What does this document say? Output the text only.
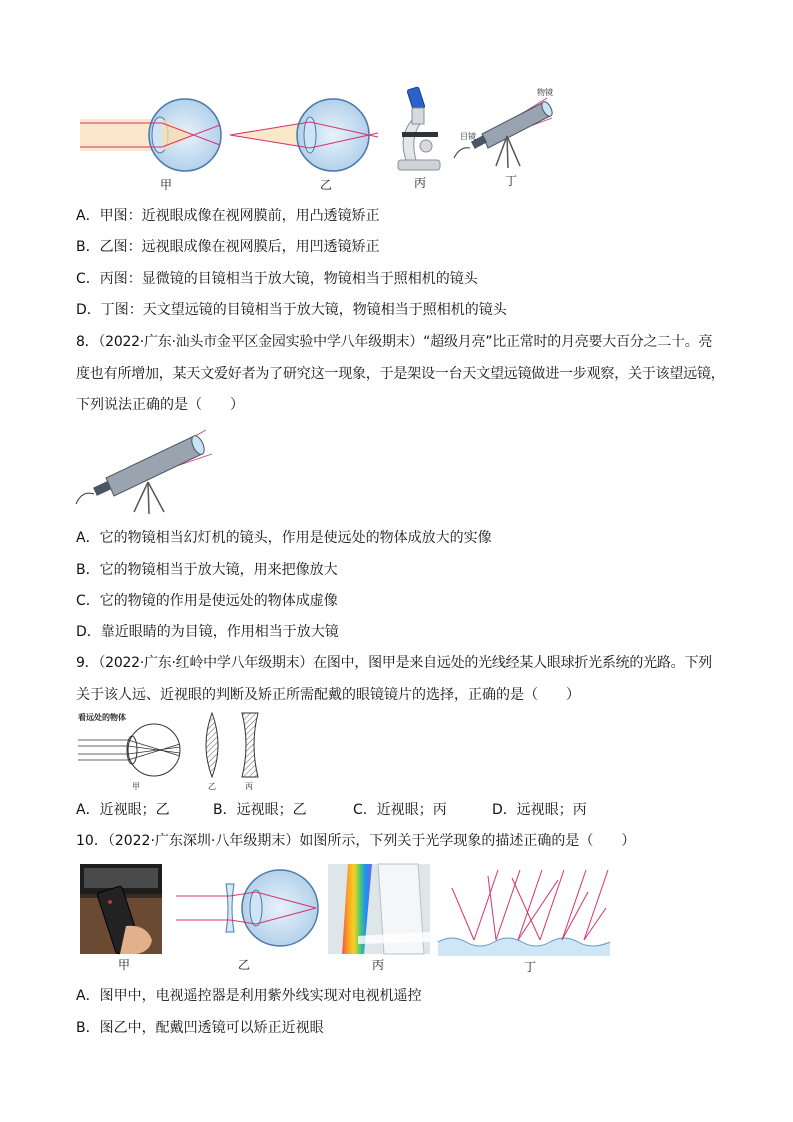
甲	乙	丙
物镜
目镜
丁
A．甲图：近视眼成像在视网膜前，用凸透镜矫正
B．乙图：远视眼成像在视网膜后，用凹透镜矫正
C．丙图：显微镜的目镜相当于放大镜，物镜相当于照相机的镜头
D．丁图：天文望远镜的目镜相当于放大镜，物镜相当于照相机的镜头
8．（2022·广东·汕头市金平区金园实验中学八年级期末）“超级月亮”比正常时的月亮要大百分之二十。亮
度也有所增加，某天文爱好者为了研究这一现象，于是架设一台天文望远镜做进一步观察，关于该望远镜，
下列说法正确的是（　　）
A．它的物镜相当幻灯机的镜头，作用是使远处的物体成放大的实像
B．它的物镜相当于放大镜，用来把像放大
C．它的物镜的作用是使远处的物体成虚像
D．靠近眼睛的为目镜，作用相当于放大镜
9．（2022·广东·红岭中学八年级期末）在图中，图甲是来自远处的光线经某人眼球折光系统的光路。下列
关于该人远、近视眼的判断及矫正所需配戴的眼镜镜片的选择，正确的是（　　）
看远处的物体
甲	乙	丙
A．近视眼；乙	B．远视眼；乙	C．近视眼；丙	D．远视眼；丙
10．（2022·广东深圳·八年级期末）如图所示，下列关于光学现象的描述正确的是（　　）
甲	乙	丙	丁
A．图甲中，电视遥控器是利用紫外线实现对电视机遥控
B．图乙中，配戴凹透镜可以矫正近视眼
